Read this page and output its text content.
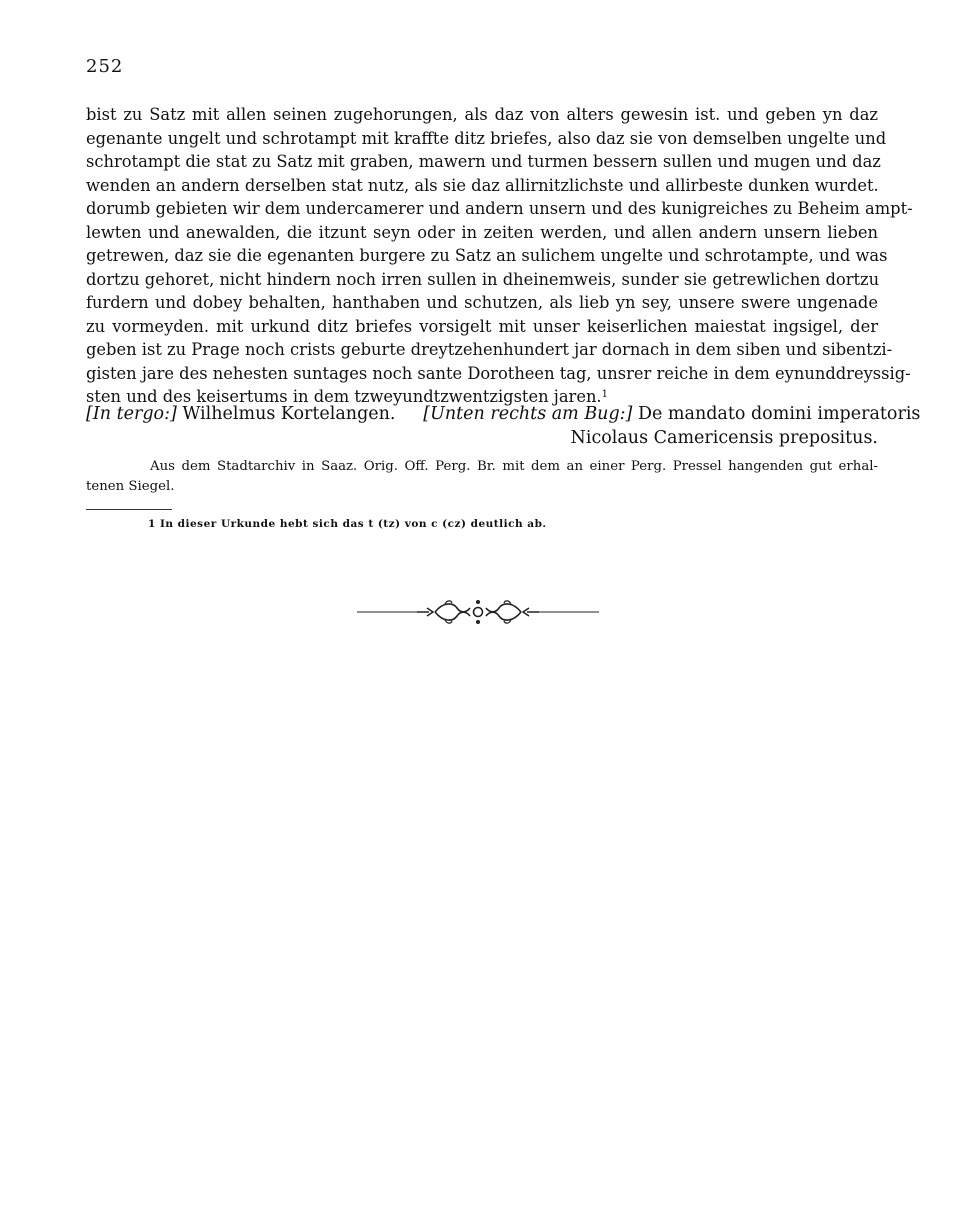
252
bist zu Satz mit allen seinen zugehorungen, als daz von alters gewesin ist. und geben yn daz
egenante ungelt und schrotampt mit kraffte ditz briefes, also daz sie von demselben ungelte und
schrotampt die stat zu Satz mit graben, mawern und turmen bessern sullen und mugen und daz
wenden an andern derselben stat nutz, als sie daz allirnitzlichste und allirbeste dunken wurdet.
dorumb gebieten wir dem undercamerer und andern unsern und des kunigreiches zu Beheim ampt-
lewten und anewalden, die itzunt seyn oder in zeiten werden, und allen andern unsern lieben
getrewen, daz sie die egenanten burgere zu Satz an sulichem ungelte und schrotampte, und was
dortzu gehoret, nicht hindern noch irren sullen in dheinemweis, sunder sie getrewlichen dortzu
furdern und dobey behalten, hanthaben und schutzen, als lieb yn sey, unsere swere ungenade
zu vormeyden. mit urkund ditz briefes vorsigelt mit unser keiserlichen maiestat ingsigel, der
geben ist zu Prage noch crists geburte dreytzehenhundert jar dornach in dem siben und sibentzi-
gisten jare des nehesten suntages noch sante Dorotheen tag, unsrer reiche in dem eynunddreyssig-
sten und des keisertums in dem tzweyundtzwentzigsten jaren.$^1$
[In tergo:] Wilhelmus Kortelangen. [Unten rechts am Bug:] De mandato domini imperatoris
Nicolaus Camericensis prepositus.
Aus dem Stadtarchiv in Saaz. Orig. Off. Perg. Br. mit dem an einer Perg. Pressel hangenden gut erhal-
tenen Siegel.
1 In dieser Urkunde hebt sich das t (tz) von c (cz) deutlich ab.
